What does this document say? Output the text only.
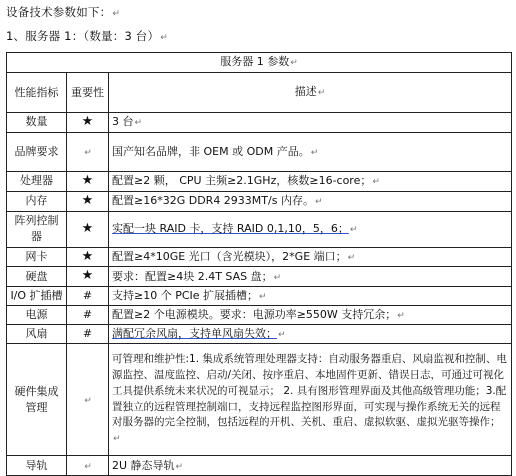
设备技术参数如下：↵
1、服务器 1：（数量：3 台）↵
服务器 1 参数↵		
性能指标	重要性	描述↵
数量	★	3 台↵
品牌要求	↵	国产知名品牌，非 OEM 或 ODM 产品。↵
处理器	★	配置≥2 颗， CPU 主频≥2.1GHz，核数≥16-core；↵
内存	★	配置≥16*32G DDR4 2933MT/s 内存。↵
阵列控制器	★	实配一块 RAID 卡，支持 RAID 0,1,10，5，6；↵
网卡	★	配置≥4*10GE 光口（含光模块），2*GE 端口；↵
硬盘	★	要求：配置≥4块 2.4T SAS 盘；↵
I/O 扩插槽	#	支持≥10 个 PCIe 扩展插槽；↵
电源	#	配置≥2 个电源模块。要求：电源功率≥550W 支持冗余；↵
风扇	#	满配冗余风扇，支持单风扇失效；↵
硬件集成管理	↵	可管理和维护性:1. 集成系统管理处理器支持：自动服务器重启、风扇监视和控制、电源监控、温度监控、启动/关闭、按序重启、本地固件更新、错误日志，可通过可视化工具提供系统未来状况的可视显示； 2. 具有图形管理界面及其他高级管理功能；3.配置独立的远程管理控制端口，支持远程监控图形界面，可实现与操作系统无关的远程对服务器的完全控制，包括远程的开机、关机、重启、虚拟软驱、虚拟光驱等操作；↵
导轨	↵	2U 静态导轨↵
